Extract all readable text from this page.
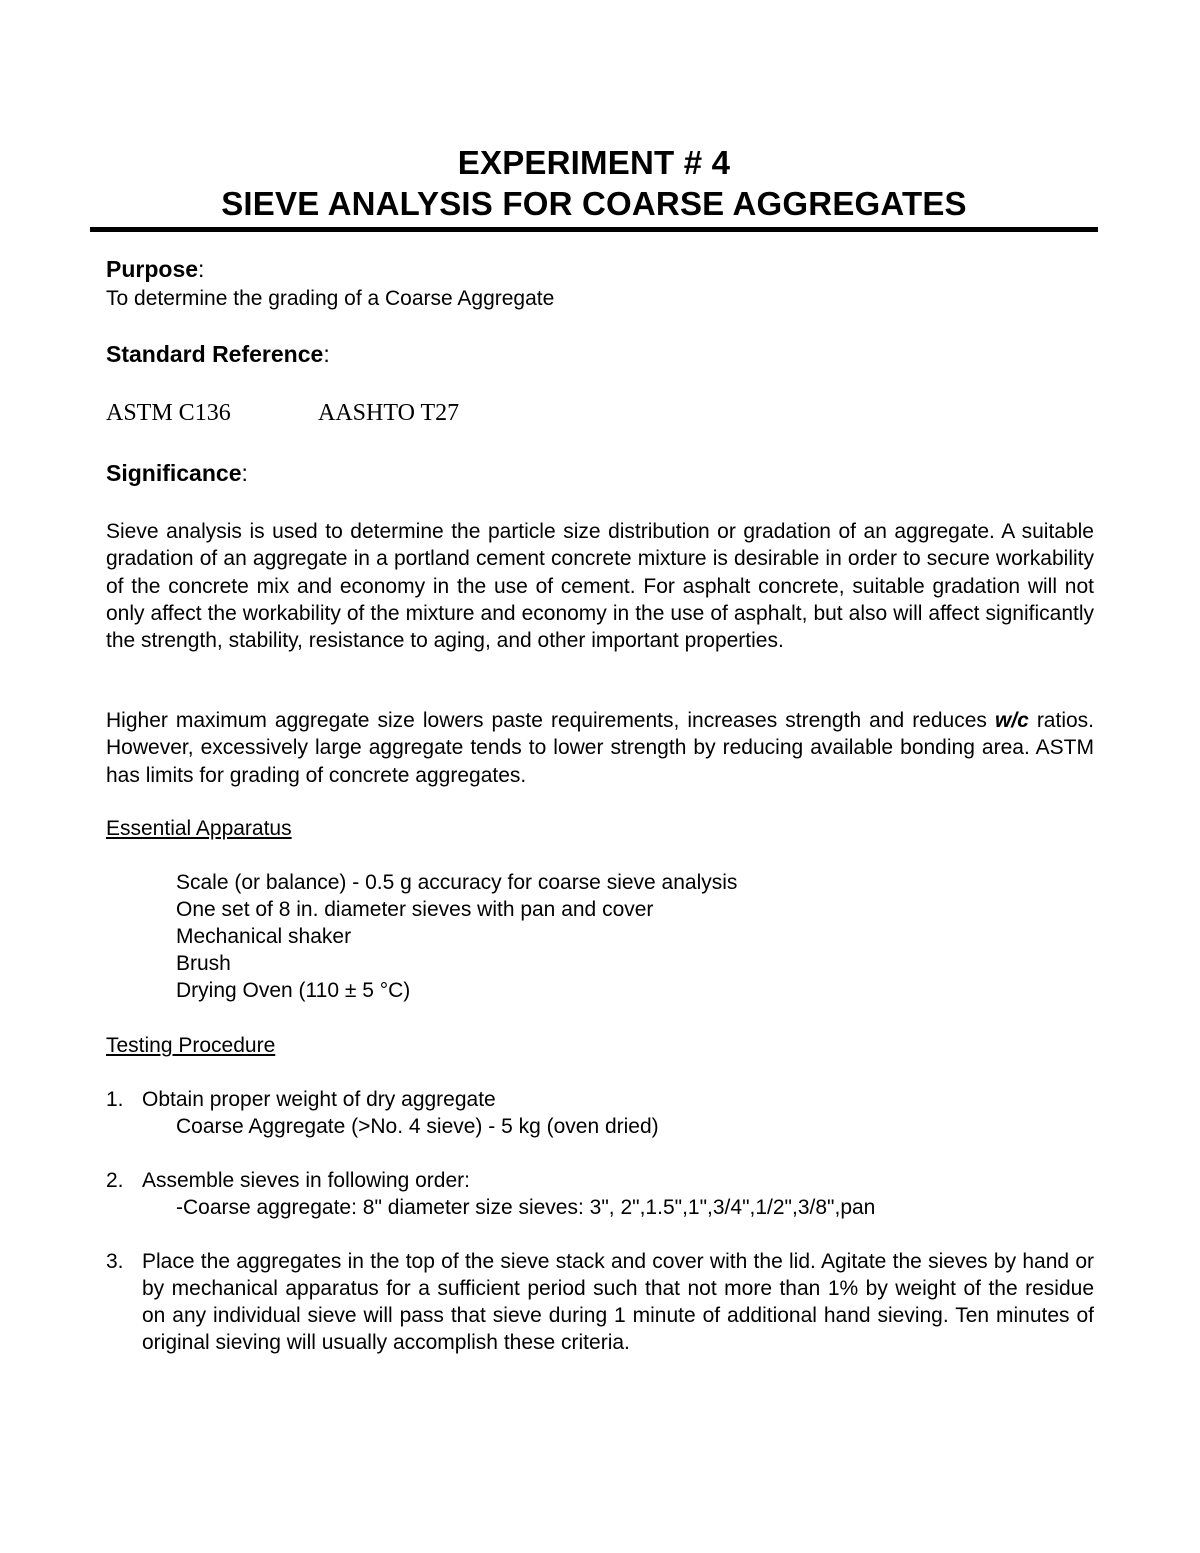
EXPERIMENT # 4
SIEVE ANALYSIS FOR COARSE AGGREGATES
Purpose:
To determine the grading of a Coarse Aggregate
Standard Reference:
ASTM C136	AASHTO T27
Significance:
Sieve analysis is used to determine the particle size distribution or gradation of an aggregate. A suitable gradation of an aggregate in a portland cement concrete mixture is desirable in order to secure workability of the concrete mix and economy in the use of cement. For asphalt concrete, suitable gradation will not only affect the workability of the mixture and economy in the use of asphalt, but also will affect significantly the strength, stability, resistance to aging, and other important properties.
Higher maximum aggregate size lowers paste requirements, increases strength and reduces w/c ratios. However, excessively large aggregate tends to lower strength by reducing available bonding area. ASTM has limits for grading of concrete aggregates.
Essential Apparatus
Scale (or balance) - 0.5 g accuracy for coarse sieve analysis
One set of 8 in. diameter sieves with pan and cover
Mechanical shaker
Brush
Drying Oven (110 ± 5 °C)
Testing Procedure
1. Obtain proper weight of dry aggregate
Coarse Aggregate (>No. 4 sieve) - 5 kg (oven dried)
2. Assemble sieves in following order:
-Coarse aggregate: 8" diameter size sieves: 3", 2",1.5",1",3/4",1/2",3/8",pan
3. Place the aggregates in the top of the sieve stack and cover with the lid. Agitate the sieves by hand or by mechanical apparatus for a sufficient period such that not more than 1% by weight of the residue on any individual sieve will pass that sieve during 1 minute of additional hand sieving. Ten minutes of original sieving will usually accomplish these criteria.
